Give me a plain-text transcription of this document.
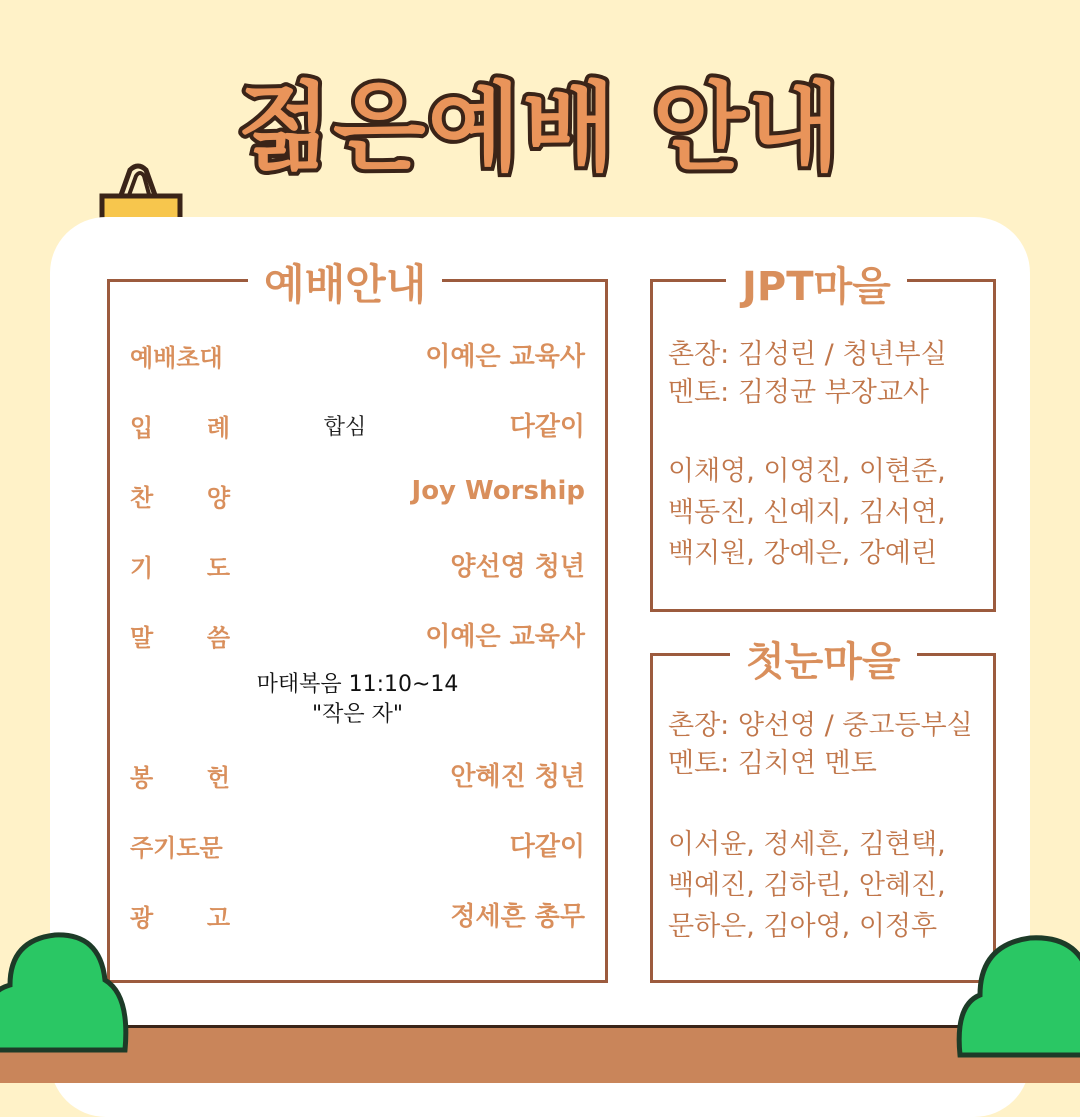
젊은예배 안내
예배안내
예배초대	이예은 교육사
입 례	합심	다같이
찬 양	Joy Worship
기 도	양선영 청년
말 씀	이예은 교육사
봉 헌	안혜진 청년
주기도문	다같이
광 고	정세흔 총무
마태복음 11:10~14
"작은 자"
JPT마을
촌장: 김성린 / 청년부실
멘토: 김정균 부장교사
이채영, 이영진, 이현준,
백동진, 신예지, 김서연,
백지원, 강예은, 강예린
첫눈마을
촌장: 양선영 / 중고등부실
멘토: 김치연 멘토
이서윤, 정세흔, 김현택,
백예진, 김하린, 안혜진,
문하은, 김아영, 이정후
